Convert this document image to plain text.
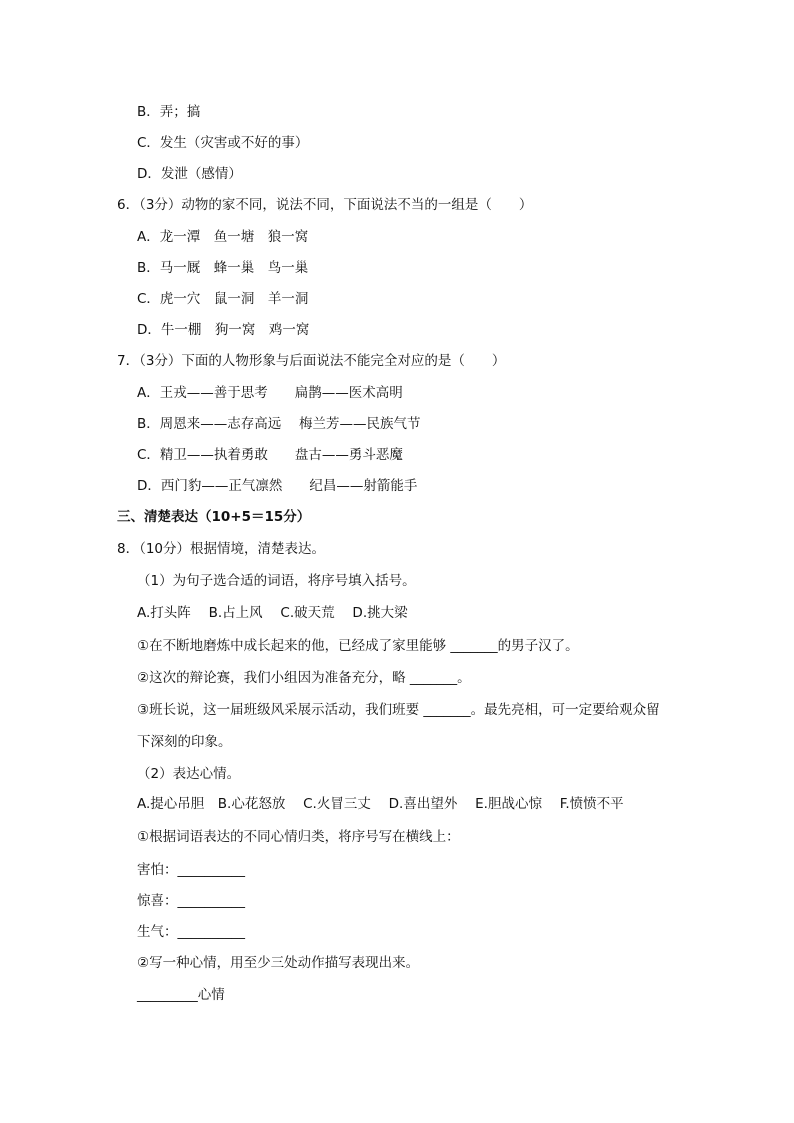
B．弄；搞
C．发生（灾害或不好的事）
D．发泄（感情）
6．（3分）动物的家不同，说法不同，下面说法不当的一组是（　　）
A．龙一潭　鱼一塘　狼一窝
B．马一厩　蜂一巢　鸟一巢
C．虎一穴　鼠一洞　羊一洞
D．牛一棚　狗一窝　鸡一窝
7．（3分）下面的人物形象与后面说法不能完全对应的是（　　）
A．王戎——善于思考　　扁鹊——医术高明
B．周恩来——志存高远　 梅兰芳——民族气节
C．精卫——执着勇敢　　盘古——勇斗恶魔
D．西门豹——正气凛然　　纪昌——射箭能手
三、清楚表达（10+5＝15分）
8．（10分）根据情境，清楚表达。
（1）为句子选合适的词语，将序号填入括号。
A.打头阵　 B.占上风　 C.破天荒　 D.挑大梁
①在不断地磨炼中成长起来的他，已经成了家里能够 _______的男子汉了。
②这次的辩论赛，我们小组因为准备充分，略 _______。
③班长说，这一届班级风采展示活动，我们班要 _______。最先亮相，可一定要给观众留
下深刻的印象。
（2）表达心情。
A.提心吊胆　B.心花怒放　 C.火冒三丈　 D.喜出望外　 E.胆战心惊　 F.愤愤不平
①根据词语表达的不同心情归类，将序号写在横线上：
害怕：__________
惊喜：__________
生气：__________
②写一种心情，用至少三处动作描写表现出来。
_________心情
